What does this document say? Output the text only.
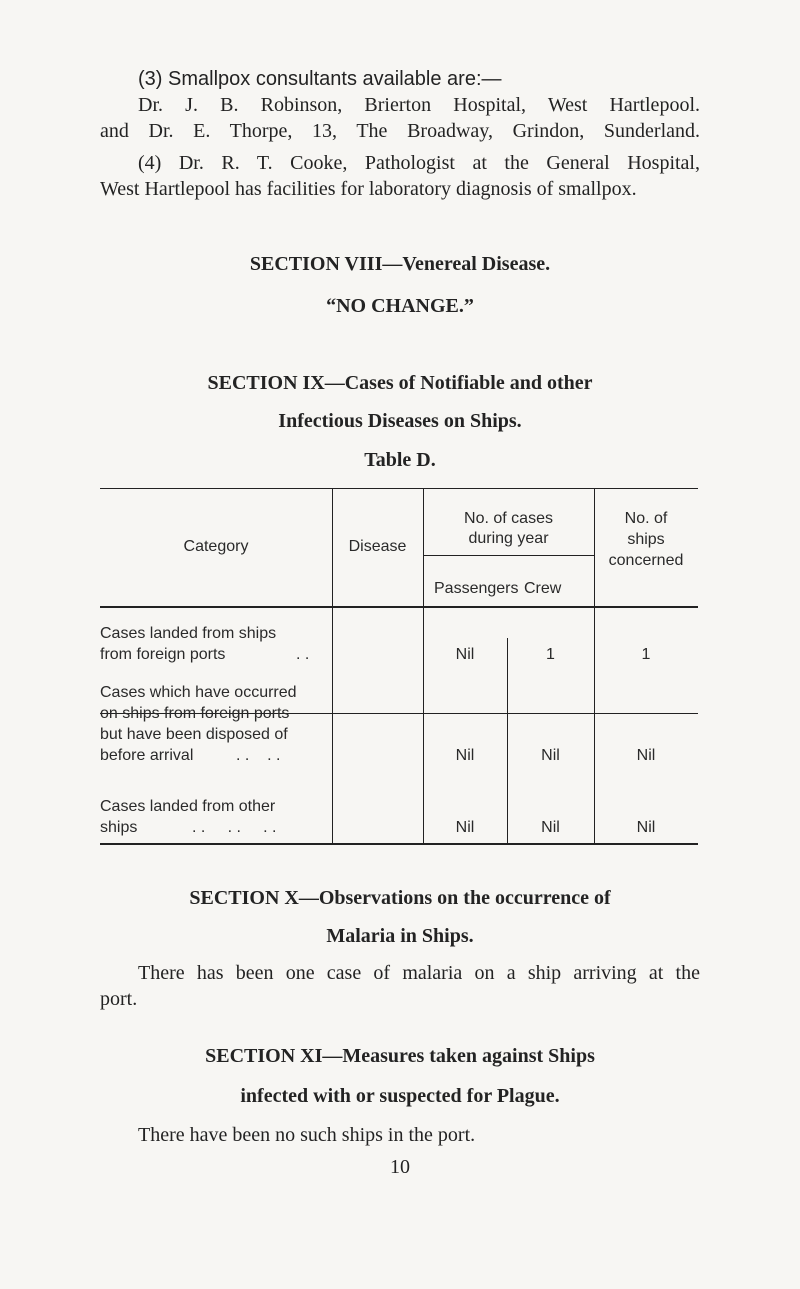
(3) Smallpox consultants available are:—
Dr. J. B. Robinson, Brierton Hospital, West Hartlepool.
and Dr. E. Thorpe, 13, The Broadway, Grindon, Sunderland.
(4) Dr. R. T. Cooke, Pathologist at the General Hospital,
West Hartlepool has facilities for laboratory diagnosis of smallpox.
SECTION VIII—Venereal Disease.

“NO CHANGE.”

SECTION IX—Cases of Notifiable and other
Infectious Diseases on Ships.

Table D.

Category	Disease
No. of cases
during year
Passengers Crew
No. of
ships
concerned
Cases landed from ships
from foreign ports	. .	Nil	1	1
Cases which have occurred
on ships from foreign ports
but have been disposed of
before arrival	. .    . .	Nil	Nil	Nil
Cases landed from other
ships	. .     . .     . .	Nil	Nil	Nil
SECTION X—Observations on the occurrence of
Malaria in Ships.
There has been one case of malaria on a ship arriving at the
port.
SECTION XI—Measures taken against Ships
infected with or suspected for Plague.
There have been no such ships in the port.
10
